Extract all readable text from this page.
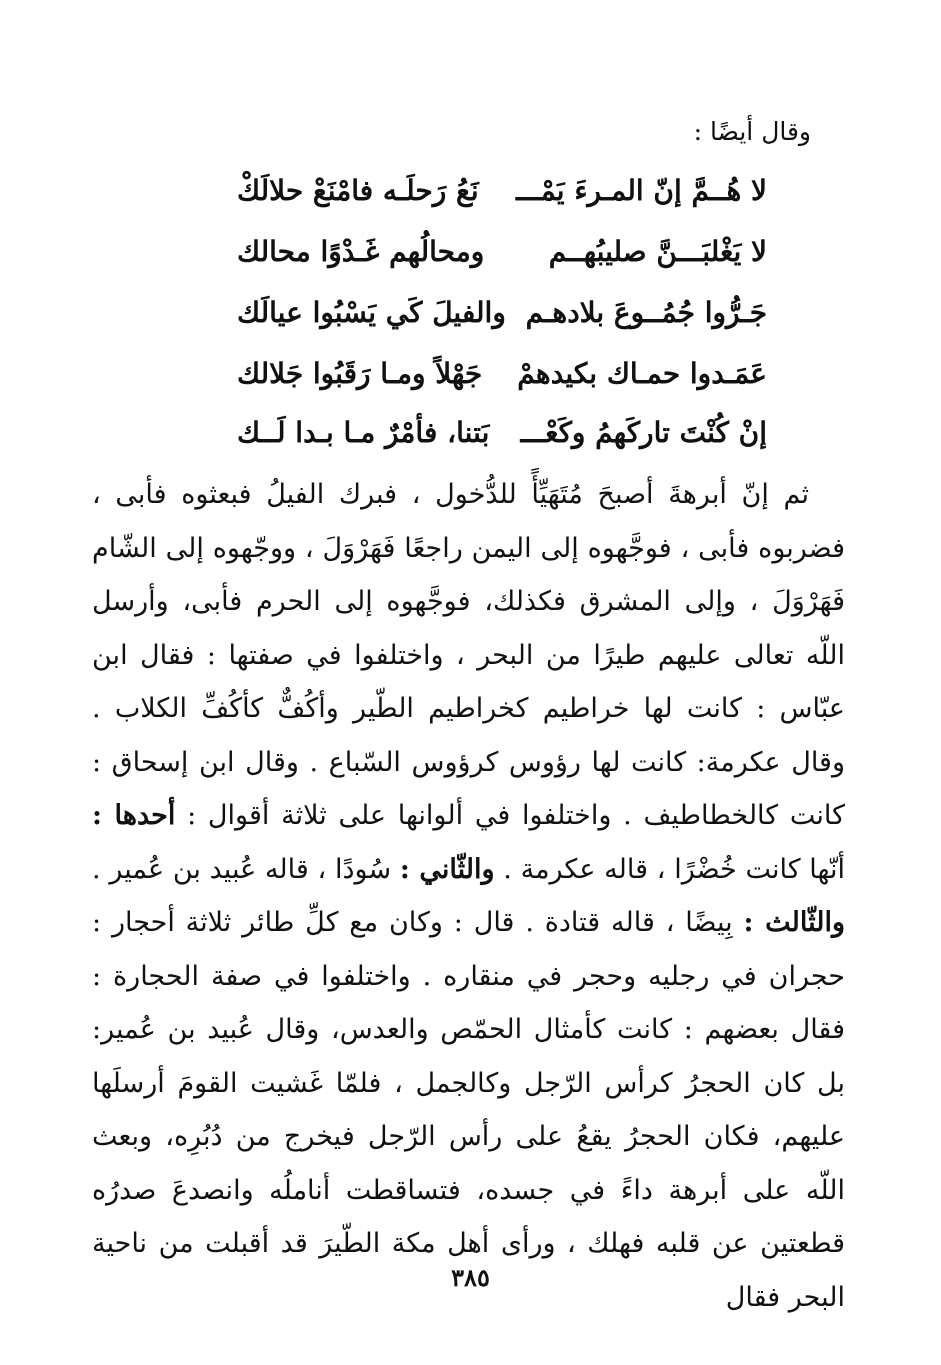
وقال أيضًا :
لا هُــمَّ إنّ المـرءَ يَمْـــ
نَعُ رَحلَـه فامْنَعْ حلالَكْ
لا يَغْلبَـــنَّ صليبُهــم
ومحالُهم غَـدْوًا محالك
جَـرُّوا جُمُــوعَ بلادهـم
والفيلَ كَي يَسْبُوا عيالَك
عَمَـدوا حمـاك بكيدهمْ
جَهْلاً ومـا رَقَبُوا جَلالك
إنْ كُنْتَ تاركَهمُ وكَعْـــ
بَتنا، فأمْرٌ مـا بـدا لَــك

ثم إنّ أبرهةَ أصبحَ مُتَهَيِّأً للدُّخول ، فبرك الفيلُ فبعثوه فأبى ، فضربوه فأبى ، فوجَّهوه إلى اليمن راجعًا فَهَرْوَلَ ، ووجّهوه إلى الشّام فَهَرْوَلَ ، وإلى المشرق فكذلك، فوجَّهوه إلى الحرم فأبى، وأرسل اللّه تعالى عليهم طيرًا من البحر ، واختلفوا في صفتها : فقال ابن عبّاس : كانت لها خراطيم كخراطيم الطّير وأكُفٌّ كأكُفِّ الكلاب . وقال عكرمة: كانت لها رؤوس كرؤوس السّباع . وقال ابن إسحاق : كانت كالخطاطيف . واختلفوا في ألوانها على ثلاثة أقوال : أحدها : أنّها كانت خُضْرًا ، قاله عكرمة . والثّاني : سُودًا ، قاله عُبيد بن عُمير . والثّالث : بِيضًا ، قاله قتادة . قال : وكان مع كلِّ طائر ثلاثة أحجار : حجران في رجليه وحجر في منقاره . واختلفوا في صفة الحجارة : فقال بعضهم : كانت كأمثال الحمّص والعدس، وقال عُبيد بن عُمير: بل كان الحجرُ كرأس الرّجل وكالجمل ، فلمّا غَشيت القومَ أرسلَها عليهم، فكان الحجرُ يقعُ على رأس الرّجل فيخرج من دُبُرِه، وبعث اللّه على أبرهة داءً في جسده، فتساقطت أناملُه وانصدعَ صدرُه قطعتين عن قلبه فهلك ، ورأى أهل مكة الطّيرَ قد أقبلت من ناحية البحر فقال

٣٨٥
